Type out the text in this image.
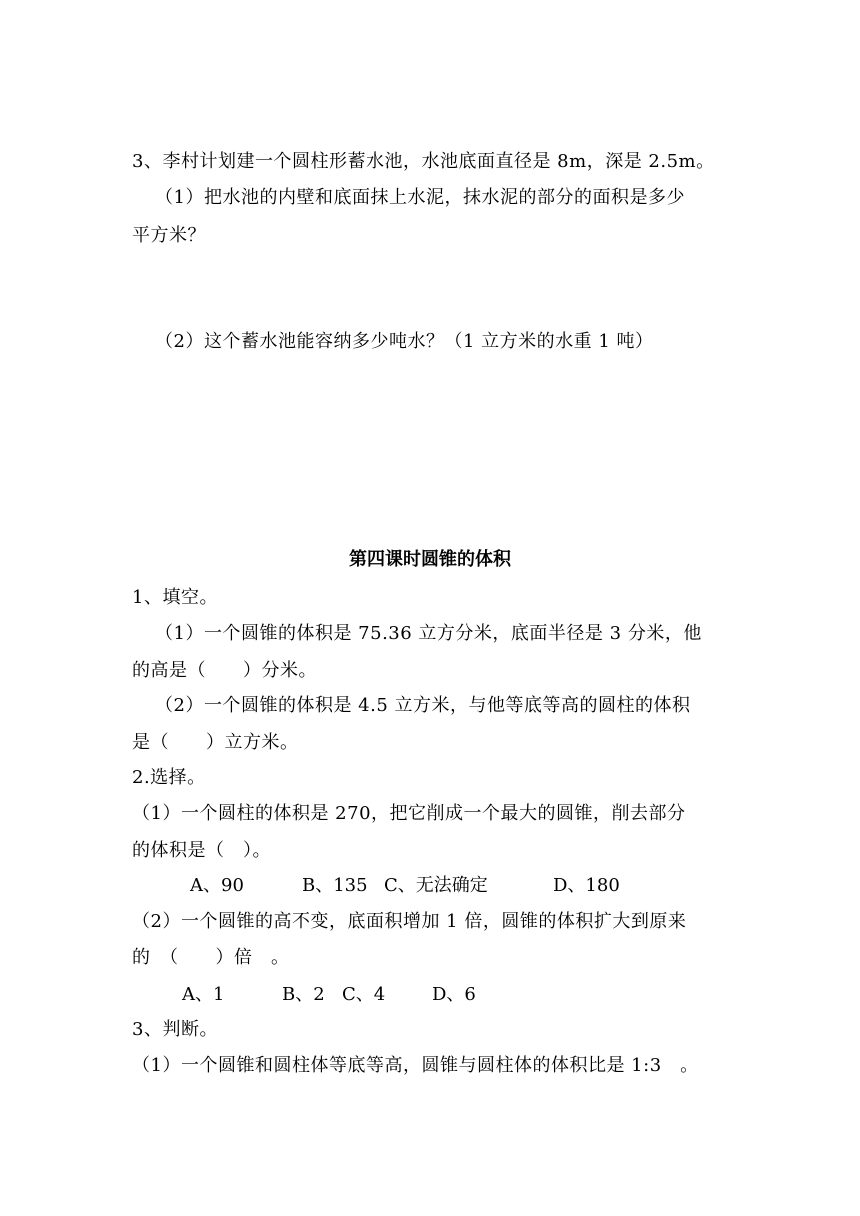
3、李村计划建一个圆柱形蓄水池，水池底面直径是 8m，深是 2.5m。
（1）把水池的内壁和底面抹上水泥，抹水泥的部分的面积是多少
平方米？
（2）这个蓄水池能容纳多少吨水？（1 立方米的水重 1 吨）
第四课时圆锥的体积
1、填空。
（1）一个圆锥的体积是 75.36 立方分米，底面半径是 3 分米，他
的高是（　　）分米。
（2）一个圆锥的体积是 4.5 立方米，与他等底等高的圆柱的体积
是（　　）立方米。
2.选择。
（1）一个圆柱的体积是 270，把它削成一个最大的圆锥，削去部分
的体积是（　）。
A、90	B、135 C、无法确定	D、180
（2）一个圆锥的高不变，底面积增加 1 倍，圆锥的体积扩大到原来
的　（　　）倍　。
A、1	B、2 C、4	D、6
3、判断。
（1）一个圆锥和圆柱体等底等高，圆锥与圆柱体的体积比是 1:3　。
